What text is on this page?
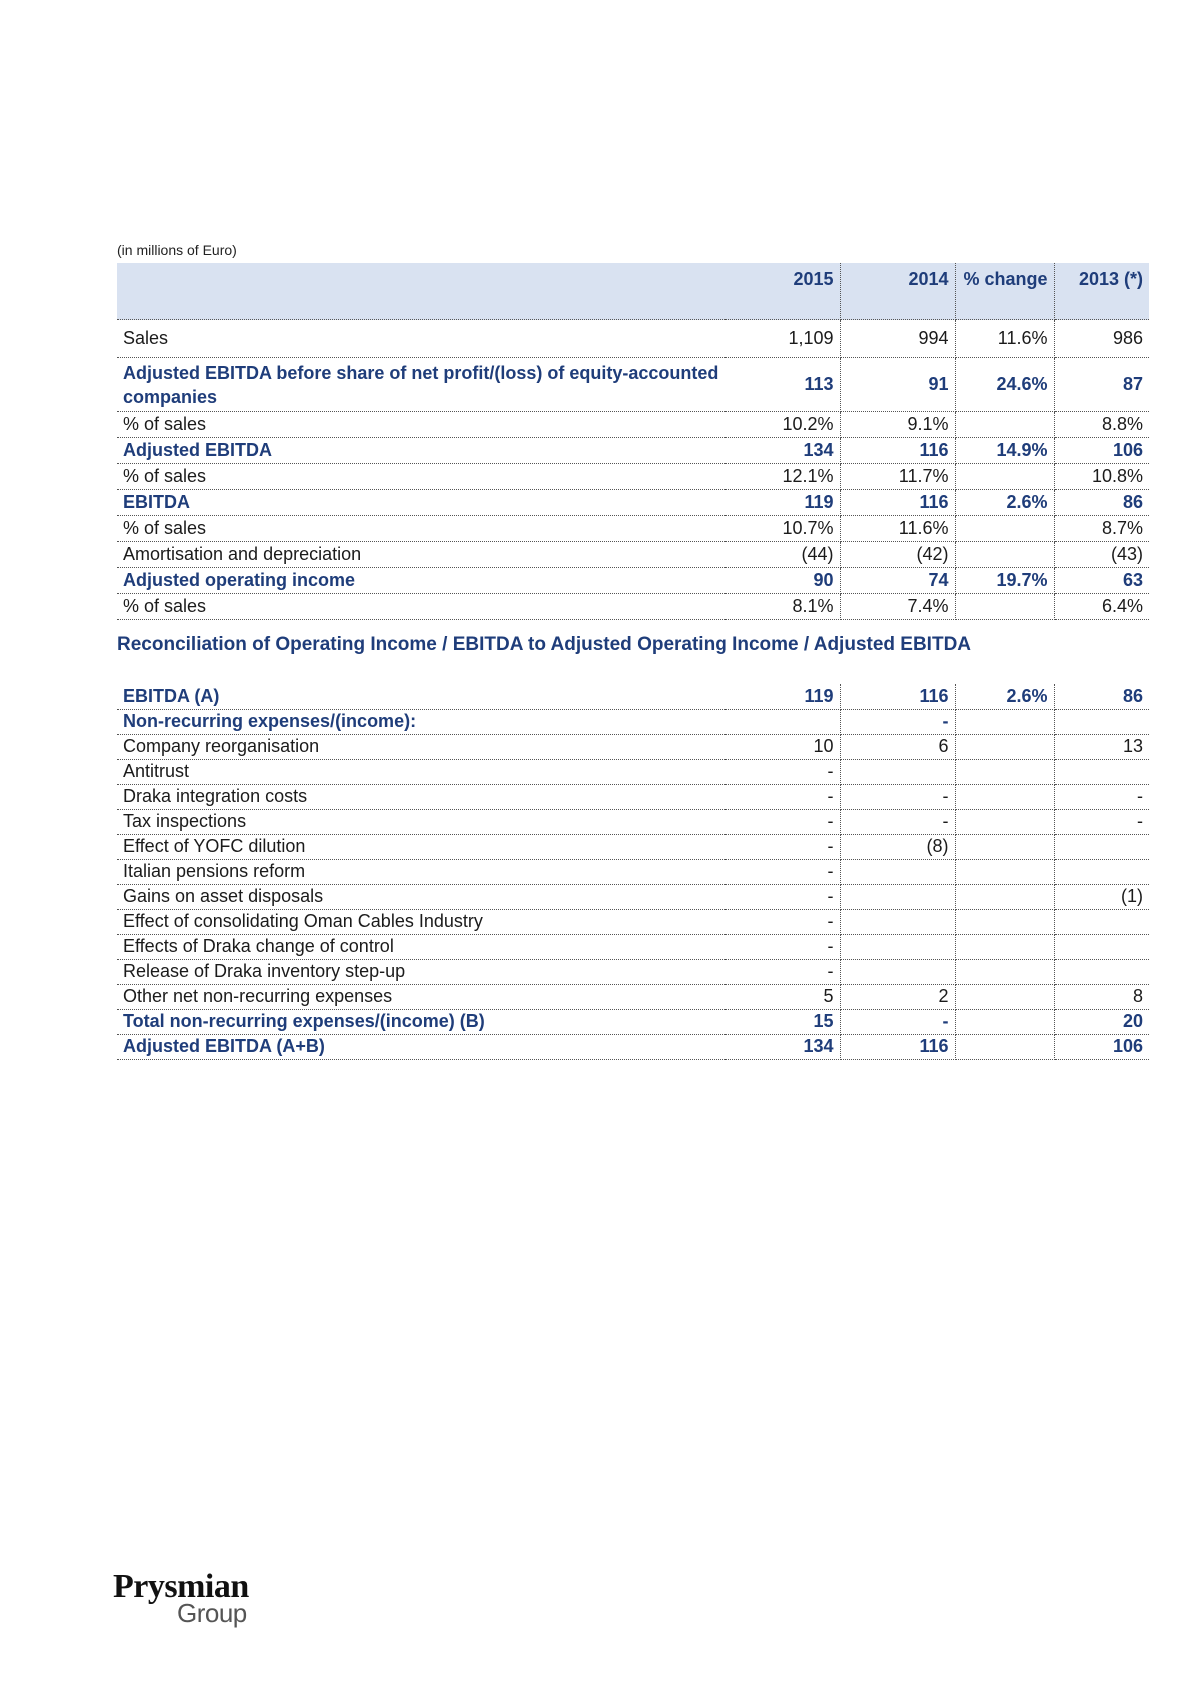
(in millions of Euro)
	2015	2014	% change	2013 (*)
Sales	1,109	994	11.6%	986
Adjusted EBITDA before share of net profit/(loss) of equity-accounted companies	113	91	24.6%	87
% of sales	10.2%	9.1%		8.8%
Adjusted EBITDA	134	116	14.9%	106
% of sales	12.1%	11.7%		10.8%
EBITDA	119	116	2.6%	86
% of sales	10.7%	11.6%		8.7%
Amortisation and depreciation	(44)	(42)		(43)
Adjusted operating income	90	74	19.7%	63
% of sales	8.1%	7.4%		6.4%
Reconciliation of Operating Income / EBITDA to Adjusted Operating Income / Adjusted EBITDA
EBITDA (A)	119	116	2.6%	86
Non-recurring expenses/(income):		-		
Company reorganisation	10	6		13
Antitrust	-			
Draka integration costs	-	-		-
Tax inspections	-	-		-
Effect of YOFC dilution	-	(8)		
Italian pensions reform	-			
Gains on asset disposals	-			(1)
Effect of consolidating Oman Cables Industry	-			
Effects of Draka change of control	-			
Release of Draka inventory step-up	-			
Other net non-recurring expenses	5	2		8
Total non-recurring expenses/(income) (B)	15	-		20
Adjusted EBITDA (A+B)	134	116		106
Prysmian
Group
